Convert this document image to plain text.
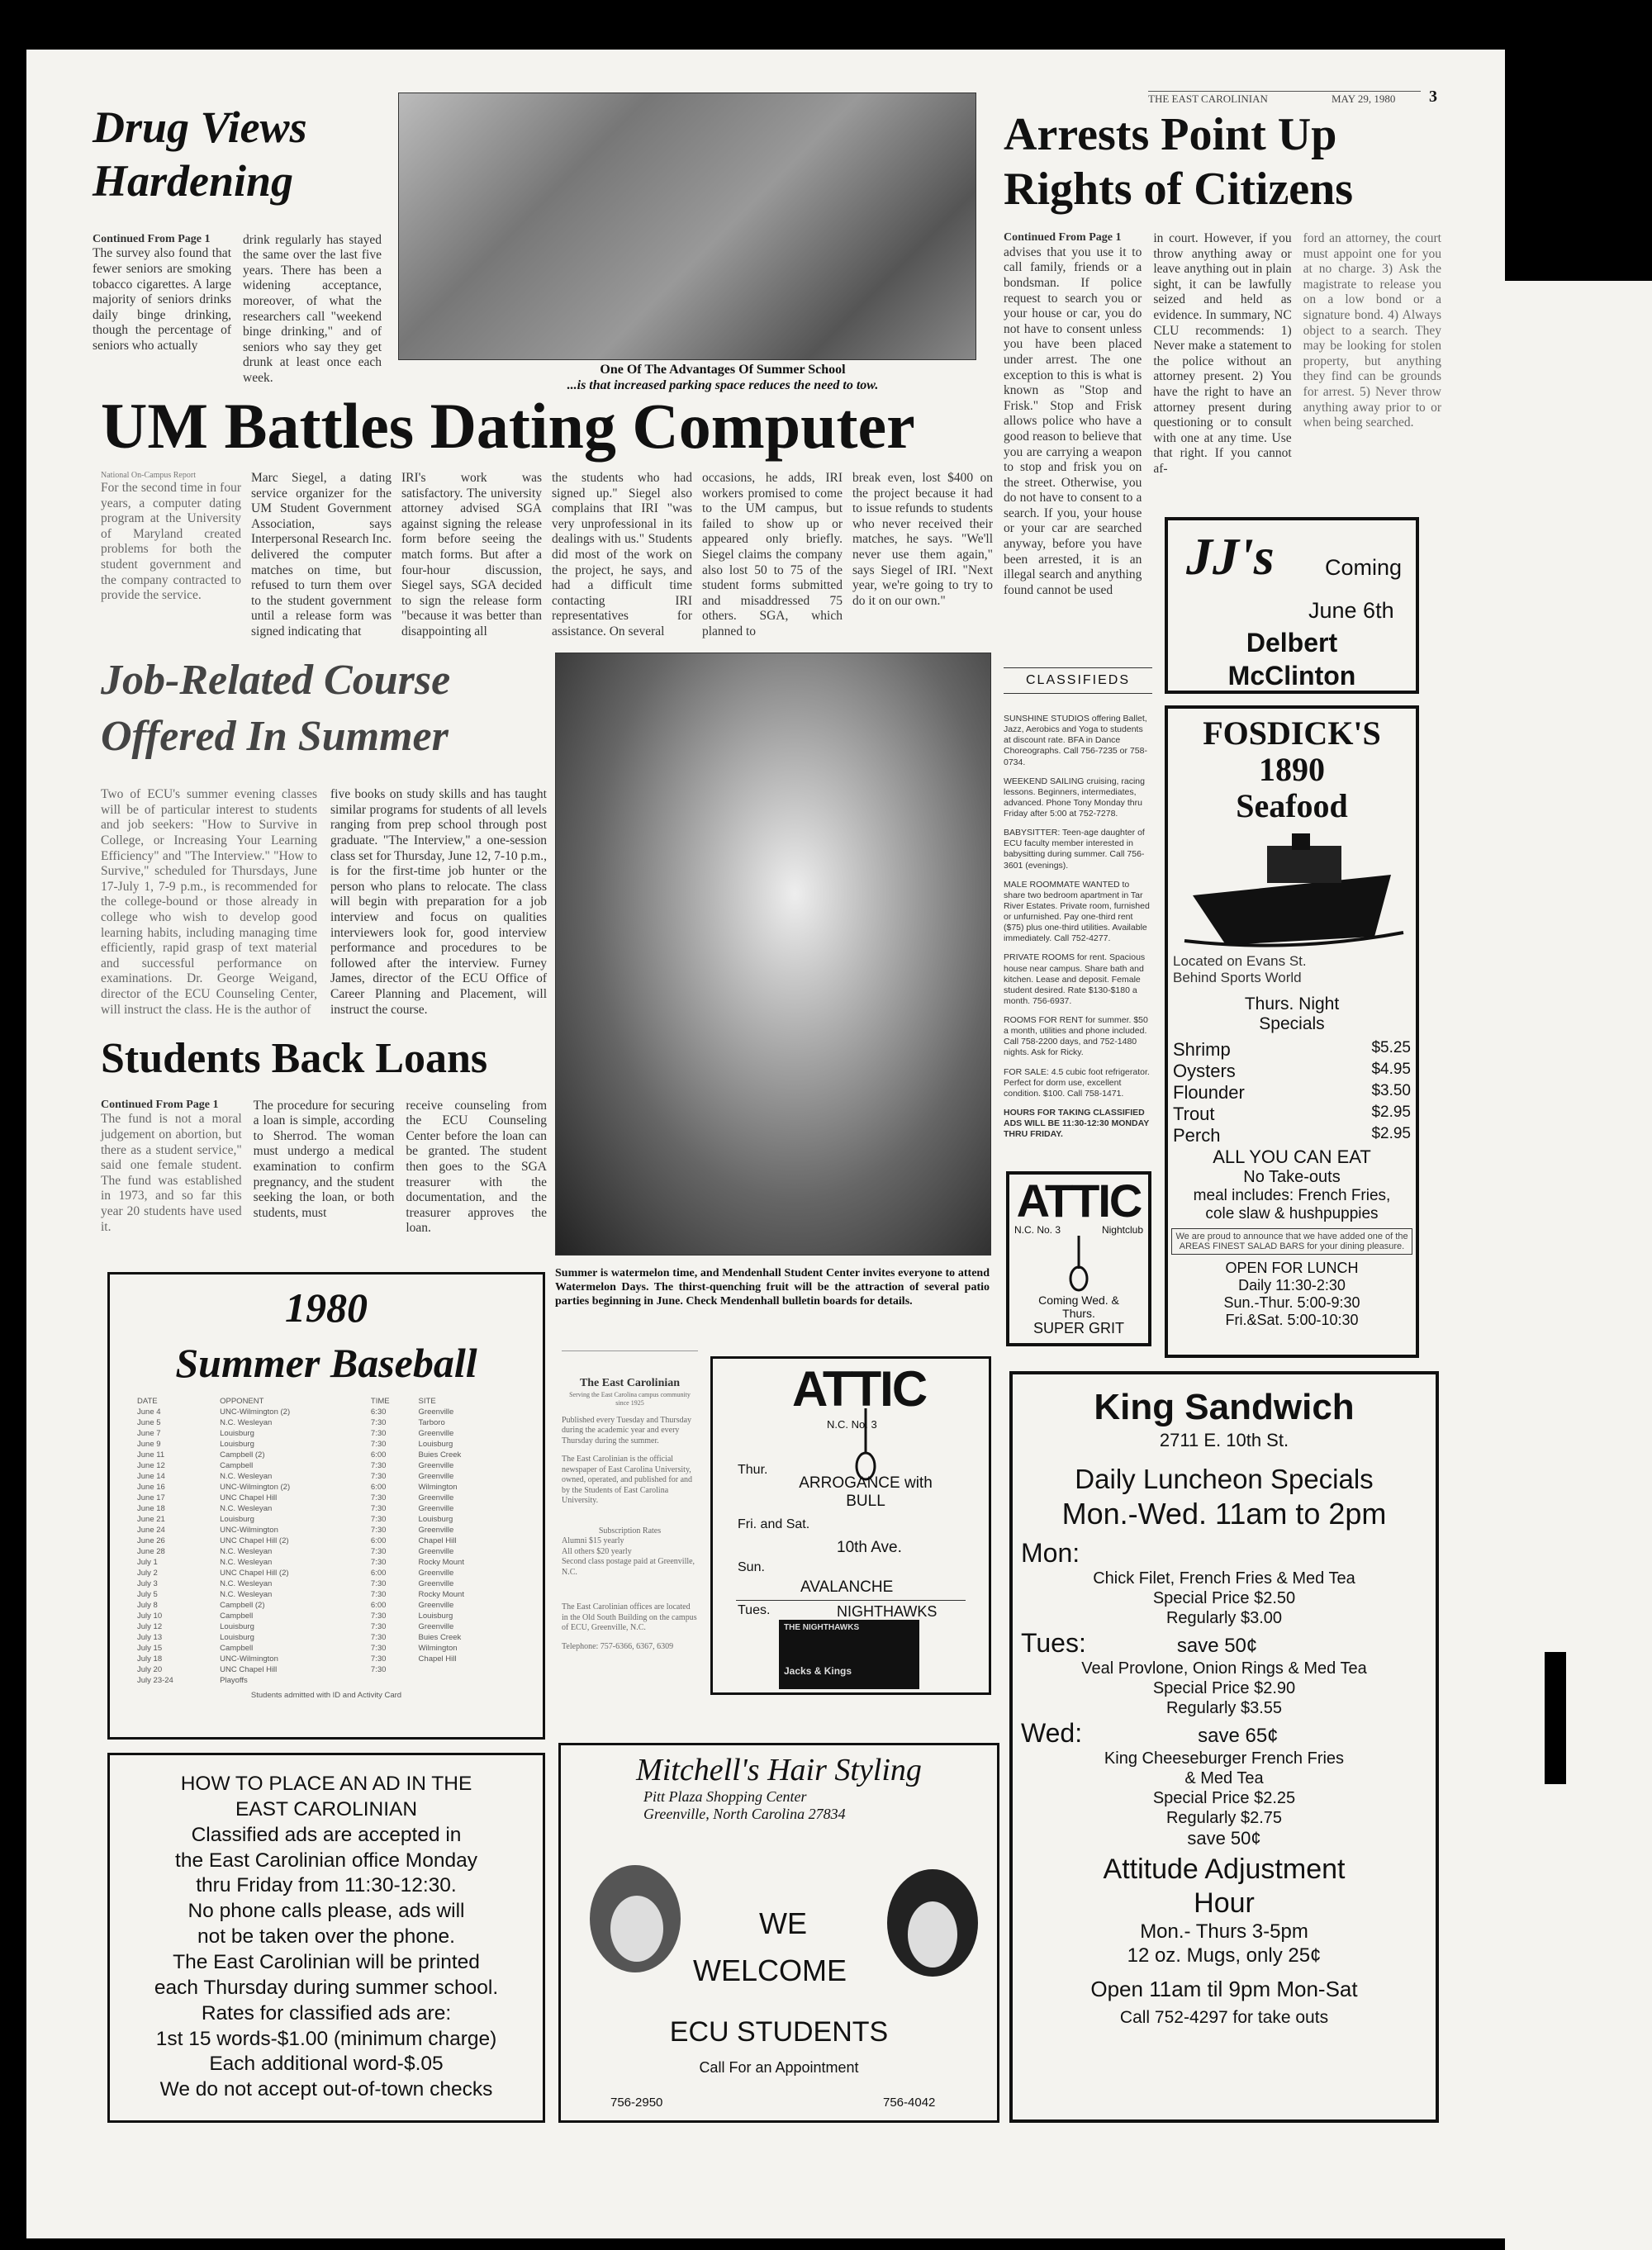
THE EAST CAROLINIAN	MAY 29, 1980 3
Drug Views Hardening
Continued From Page 1
The survey also found that fewer seniors are smoking tobacco cigarettes. A large majority of seniors drinks daily binge drinking, though the percentage of seniors who actually
drink regularly has stayed the same over the last five years. There has been a widening acceptance, moreover, of what the researchers call "weekend binge drinking," and of seniors who say they get drunk at least once each week.
One Of The Advantages Of Summer School
...is that increased parking space reduces the need to tow.
Arrests Point Up Rights of Citizens
Continued From Page 1
advises that you use it to call family, friends or a bondsman. If police request to search you or your house or car, you do not have to consent unless you have been placed under arrest. The one exception to this is what is known as "Stop and Frisk." Stop and Frisk allows police who have a good reason to believe that you are carrying a weapon to stop and frisk you on the street. Otherwise, you do not have to consent to a search. If you, your house or your car are searched anyway, before you have been arrested, it is an illegal search and anything found cannot be used
in court. However, if you throw anything away or leave anything out in plain sight, it can be lawfully seized and held as evidence. In summary, NC CLU recommends: 1) Never make a statement to the police without an attorney present. 2) You have the right to have an attorney present during questioning or to consult with one at any time. Use that right. If you cannot af-
ford an attorney, the court must appoint one for you at no charge. 3) Ask the magistrate to release you on a low bond or a signature bond. 4) Always object to a search. They may be looking for stolen property, but anything they find can be grounds for arrest. 5) Never throw anything away prior to or when being searched.
UM Battles Dating Computer
National On-Campus Report
For the second time in four years, a computer dating program at the University of Maryland created problems for both the student government and the company contracted to provide the service.
Marc Siegel, a dating service organizer for the UM Student Government Association, says Interpersonal Research Inc. delivered the computer matches on time, but refused to turn them over to the student government until a release form was signed indicating that
IRI's work was satisfactory. The university attorney advised SGA against signing the release form before seeing the match forms. But after a four-hour discussion, Siegel says, SGA decided to sign the release form "because it was better than disappointing all
the students who had signed up." Siegel also complains that IRI "was very unprofessional in its dealings with us." Students did most of the work on the project, he says, and had a difficult time contacting IRI representatives for assistance. On several
occasions, he adds, IRI workers promised to come to the UM campus, but failed to show up or appeared only briefly. Siegel claims the company also lost 50 to 75 of the student forms submitted and misaddressed 75 others. SGA, which planned to
break even, lost $400 on the project because it had to issue refunds to students who never received their matches, he says. "We'll never use them again," says Siegel of IRI. "Next year, we're going to try to do it on our own."
Job-Related Course Offered In Summer
Two of ECU's summer evening classes will be of particular interest to students and job seekers: "How to Survive in College, or Increasing Your Learning Efficiency" and "The Interview." "How to Survive," scheduled for Thursdays, June 17-July 1, 7-9 p.m., is recommended for the college-bound or those already in college who wish to develop good learning habits, including managing time efficiently, rapid grasp of text material and successful performance on examinations. Dr. George Weigand, director of the ECU Counseling Center, will instruct the class. He is the author of
five books on study skills and has taught similar programs for students of all levels ranging from prep school through post graduate. "The Interview," a one-session class set for Thursday, June 12, 7-10 p.m., is for the first-time job hunter or the person who plans to relocate. The class will begin with preparation for a job interview and focus on qualities interviewers look for, good interview performance and procedures to be followed after the interview. Furney James, director of the ECU Office of Career Planning and Placement, will instruct the course.
Students Back Loans
Continued From Page 1
The fund is not a moral judgement on abortion, but there as a student service," said one female student. The fund was established in 1973, and so far this year 20 students have used it.
The procedure for securing a loan is simple, according to Sherrod. The woman must undergo a medical examination to confirm pregnancy, and the student seeking the loan, or both students, must
receive counseling from the ECU Counseling Center before the loan can be granted. The student then goes to the SGA treasurer with the documentation, and the treasurer approves the loan.
Summer is watermelon time, and Mendenhall Student Center invites everyone to attend Watermelon Days. The thirst-quenching fruit will be the attraction of several patio parties beginning in June. Check Mendenhall bulletin boards for details.
CLASSIFIEDS

SUNSHINE STUDIOS offering Ballet, Jazz, Aerobics and Yoga to students at discount rate. BFA in Dance Choreographs. Call 756-7235 or 758-0734.

WEEKEND SAILING cruising, racing lessons. Beginners, intermediates, advanced. Phone Tony Monday thru Friday after 5:00 at 752-7278.

BABYSITTER: Teen-age daughter of ECU faculty member interested in babysitting during summer. Call 756-3601 (evenings).

MALE ROOMMATE WANTED to share two bedroom apartment in Tar River Estates. Private room, furnished or unfurnished. Pay one-third rent ($75) plus one-third utilities. Available immediately. Call 752-4277.

PRIVATE ROOMS for rent. Spacious house near campus. Share bath and kitchen. Lease and deposit. Female student desired. Rate $130-$180 a month. 756-6937.

ROOMS FOR RENT for summer. $50 a month, utilities and phone included. Call 758-2200 days, and 752-1480 nights. Ask for Ricky.

FOR SALE: 4.5 cubic foot refrigerator. Perfect for dorm use, excellent condition. $100. Call 758-1471.

HOURS FOR TAKING CLASSIFIED ADS WILL BE 11:30-12:30 MONDAY THRU FRIDAY.

JJ's Coming
June 6th
Delbert
McClinton
FOSDICK'S
1890
Seafood
Located on Evans St.
Behind Sports World
Thurs. Night
Specials
Shrimp	$5.25
Oysters	$4.95
Flounder	$3.50
Trout	$2.95
Perch	$2.95
ALL YOU CAN EAT
No Take-outs
meal includes: French Fries,
cole slaw & hushpuppies
We are proud to announce that we have added one of the AREAS FINEST SALAD BARS for your dining pleasure.
OPEN FOR LUNCH
Daily 11:30-2:30
Sun.-Thur. 5:00-9:30
Fri.&Sat. 5:00-10:30
ATTIC
N.C. No. 3	Nightclub
Coming Wed. &
Thurs.
SUPER GRIT
1980
Summer Baseball
DATE	OPPONENT	TIME	SITE
June 4	UNC-Wilmington (2)	6:30	Greenville
June 5	N.C. Wesleyan	7:30	Tarboro
June 7	Louisburg	7:30	Greenville
June 9	Louisburg	7:30	Louisburg
June 11	Campbell (2)	6:00	Buies Creek
June 12	Campbell	7:30	Greenville
June 14	N.C. Wesleyan	7:30	Greenville
June 16	UNC-Wilmington (2)	6:00	Wilmington
June 17	UNC Chapel Hill	7:30	Greenville
June 18	N.C. Wesleyan	7:30	Greenville
June 21	Louisburg	7:30	Louisburg
June 24	UNC-Wilmington	7:30	Greenville
June 26	UNC Chapel Hill (2)	6:00	Chapel Hill
June 28	N.C. Wesleyan	7:30	Greenville
July 1	N.C. Wesleyan	7:30	Rocky Mount
July 2	UNC Chapel Hill (2)	6:00	Greenville
July 3	N.C. Wesleyan	7:30	Greenville
July 5	N.C. Wesleyan	7:30	Rocky Mount
July 8	Campbell (2)	6:00	Greenville
July 10	Campbell	7:30	Louisburg
July 12	Louisburg	7:30	Greenville
July 13	Louisburg	7:30	Buies Creek
July 15	Campbell	7:30	Wilmington
July 18	UNC-Wilmington	7:30	Chapel Hill
July 20	UNC Chapel Hill	7:30	
July 23-24	Playoffs		
Students admitted with ID and Activity Card
HOW TO PLACE AN AD IN THE
EAST CAROLINIAN
Classified ads are accepted in
the East Carolinian office Monday
thru Friday from 11:30-12:30.
No phone calls please, ads will
not be taken over the phone.
The East Carolinian will be printed
each Thursday during summer school.
Rates for classified ads are:
1st 15 words-$1.00 (minimum charge)
Each additional word-$.05
We do not accept out-of-town checks
The East Carolinian
Serving the East Carolina campus community since 1925

Published every Tuesday and Thursday during the academic year and every Thursday during the summer.

The East Carolinian is the official newspaper of East Carolina University, owned, operated, and published for and by the Students of East Carolina University.

Subscription Rates
Alumni $15 yearly
All others $20 yearly
Second class postage paid at Greenville, N.C.

The East Carolinian offices are located in the Old South Building on the campus of ECU, Greenville, N.C.

Telephone: 757-6366, 6367, 6309
ATTIC
N.C. No. 3
Thur.
ARROGANCE with BULL
Fri. and Sat.
10th Ave.
Sun.
AVALANCHE
Tues.	NIGHTHAWKS
THE NIGHTHAWKS
Jacks & Kings
Mitchell's Hair Styling
Pitt Plaza Shopping Center
Greenville, North Carolina 27834
WE
WELCOME
ECU STUDENTS
Call For an Appointment
756-2950	756-4042
King Sandwich
2711 E. 10th St.
Daily Luncheon Specials
Mon.-Wed. 11am to 2pm
Mon:
Chick Filet, French Fries & Med Tea
Special Price $2.50
Regularly $3.00
Tues:	save 50¢
Veal Provlone, Onion Rings & Med Tea
Special Price $2.90
Regularly $3.55
Wed:	save 65¢
King Cheeseburger French Fries
& Med Tea
Special Price $2.25
Regularly $2.75
save 50¢
Attitude Adjustment
Hour
Mon.- Thurs 3-5pm
12 oz. Mugs, only 25¢
Open 11am til 9pm Mon-Sat
Call 752-4297 for take outs
